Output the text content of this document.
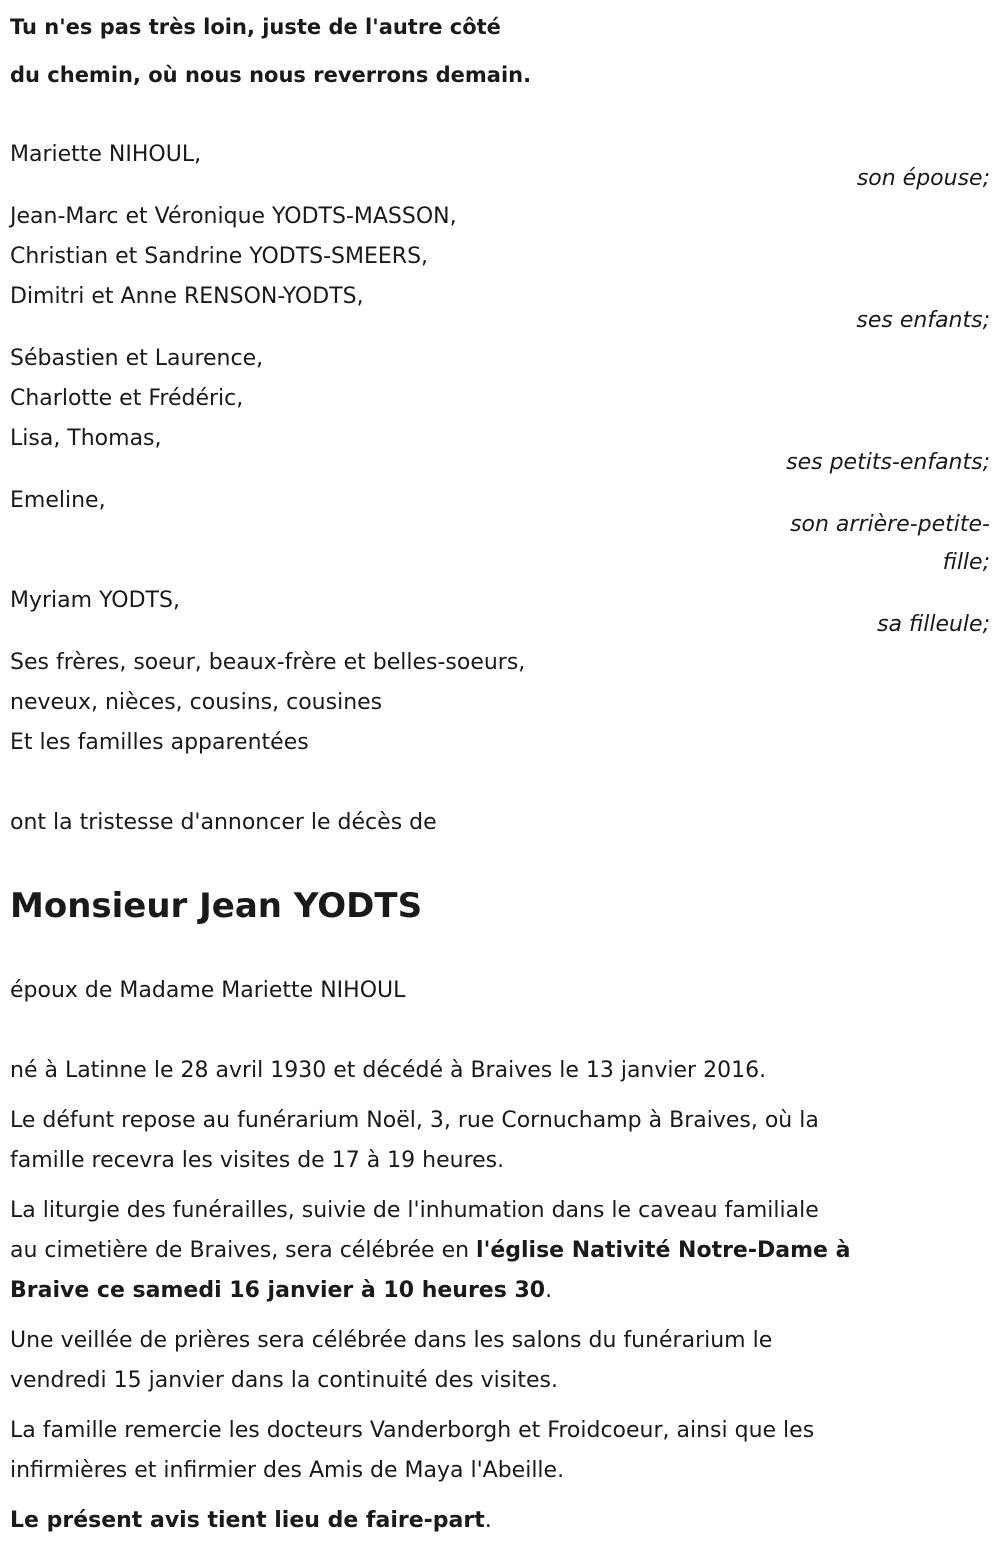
Tu n'es pas très loin, juste de l'autre côté
du chemin, où nous nous reverrons demain.
Mariette NIHOUL,
son épouse;
Jean-Marc et Véronique YODTS-MASSON,
Christian et Sandrine YODTS-SMEERS,
Dimitri et Anne RENSON-YODTS,
ses enfants;
Sébastien et Laurence,
Charlotte et Frédéric,
Lisa, Thomas,
ses petits-enfants;
Emeline,
son arrière-petite-
fille;
Myriam YODTS,
sa filleule;
Ses frères, soeur, beaux-frère et belles-soeurs,
neveux, nièces, cousins, cousines
Et les familles apparentées
ont la tristesse d'annoncer le décès de
Monsieur Jean YODTS
époux de Madame Mariette NIHOUL
né à Latinne le 28 avril 1930 et décédé à Braives le 13 janvier 2016.
Le défunt repose au funérarium Noël, 3, rue Cornuchamp à Braives, où la
famille recevra les visites de 17 à 19 heures.
La liturgie des funérailles, suivie de l'inhumation dans le caveau familiale
au cimetière de Braives, sera célébrée en l'église Nativité Notre-Dame à
Braive ce samedi 16 janvier à 10 heures 30.
Une veillée de prières sera célébrée dans les salons du funérarium le
vendredi 15 janvier dans la continuité des visites.
La famille remercie les docteurs Vanderborgh et Froidcoeur, ainsi que les
infirmières et infirmier des Amis de Maya l'Abeille.
Le présent avis tient lieu de faire-part.
